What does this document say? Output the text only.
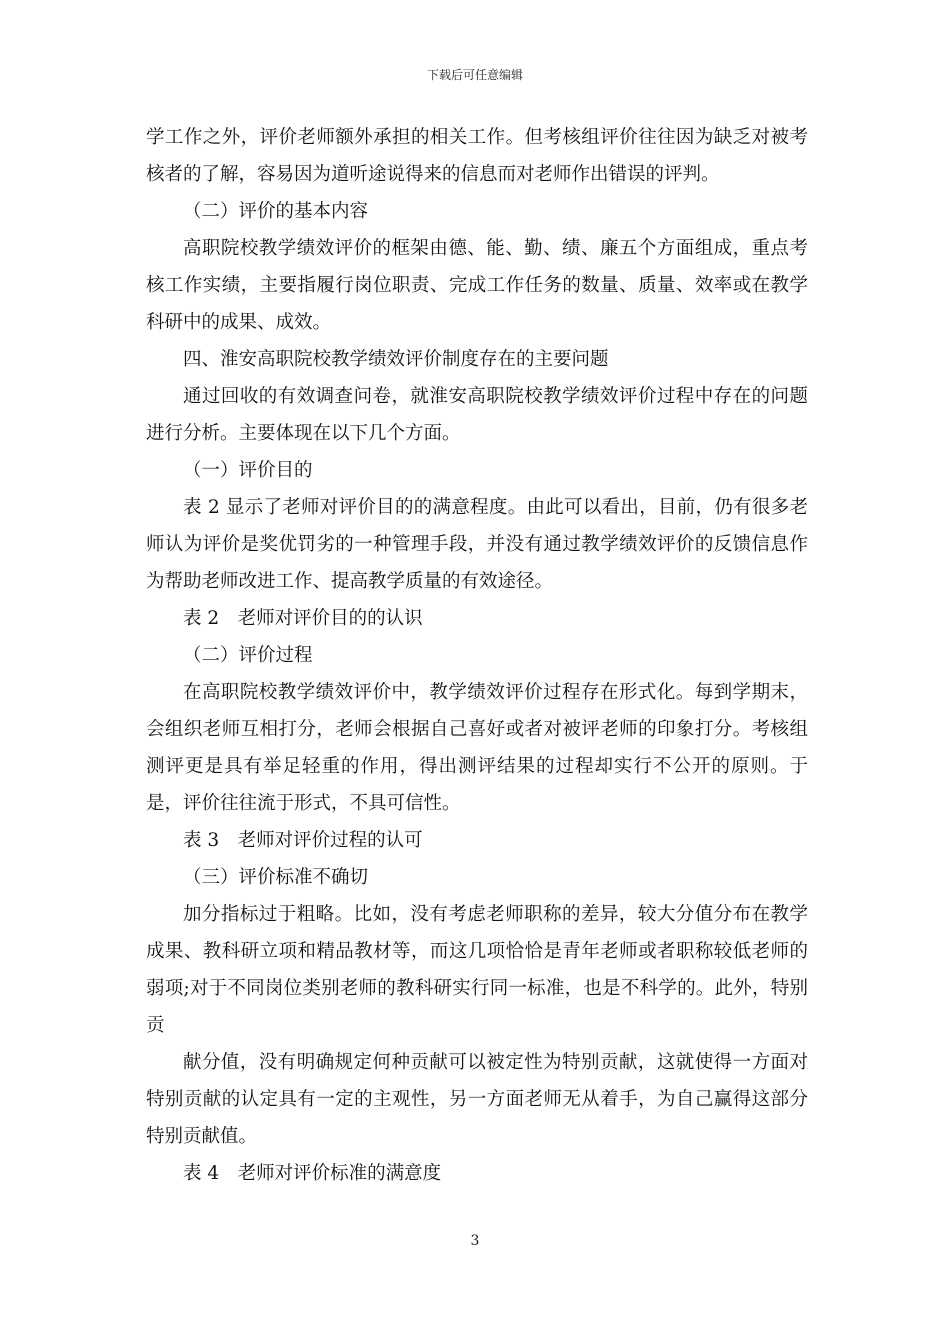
下载后可任意编辑

学工作之外，评价老师额外承担的相关工作。但考核组评价往往因为缺乏对被考核者的了解，容易因为道听途说得来的信息而对老师作出错误的评判。

（二）评价的基本内容

高职院校教学绩效评价的框架由德、能、勤、绩、廉五个方面组成，重点考核工作实绩，主要指履行岗位职责、完成工作任务的数量、质量、效率或在教学科研中的成果、成效。

四、淮安高职院校教学绩效评价制度存在的主要问题

通过回收的有效调查问卷，就淮安高职院校教学绩效评价过程中存在的问题进行分析。主要体现在以下几个方面。

（一）评价目的

表 2 显示了老师对评价目的的满意程度。由此可以看出，目前，仍有很多老师认为评价是奖优罚劣的一种管理手段，并没有通过教学绩效评价的反馈信息作为帮助老师改进工作、提高教学质量的有效途径。

表 2　老师对评价目的的认识

（二）评价过程

在高职院校教学绩效评价中，教学绩效评价过程存在形式化。每到学期末，会组织老师互相打分，老师会根据自己喜好或者对被评老师的印象打分。考核组测评更是具有举足轻重的作用，得出测评结果的过程却实行不公开的原则。于是，评价往往流于形式，不具可信性。

表 3　老师对评价过程的认可

（三）评价标准不确切

加分指标过于粗略。比如，没有考虑老师职称的差异，较大分值分布在教学成果、教科研立项和精品教材等，而这几项恰恰是青年老师或者职称较低老师的弱项;对于不同岗位类别老师的教科研实行同一标准，也是不科学的。此外，特别贡

献分值，没有明确规定何种贡献可以被定性为特别贡献，这就使得一方面对特别贡献的认定具有一定的主观性，另一方面老师无从着手，为自己赢得这部分特别贡献值。

表 4　老师对评价标准的满意度

3
